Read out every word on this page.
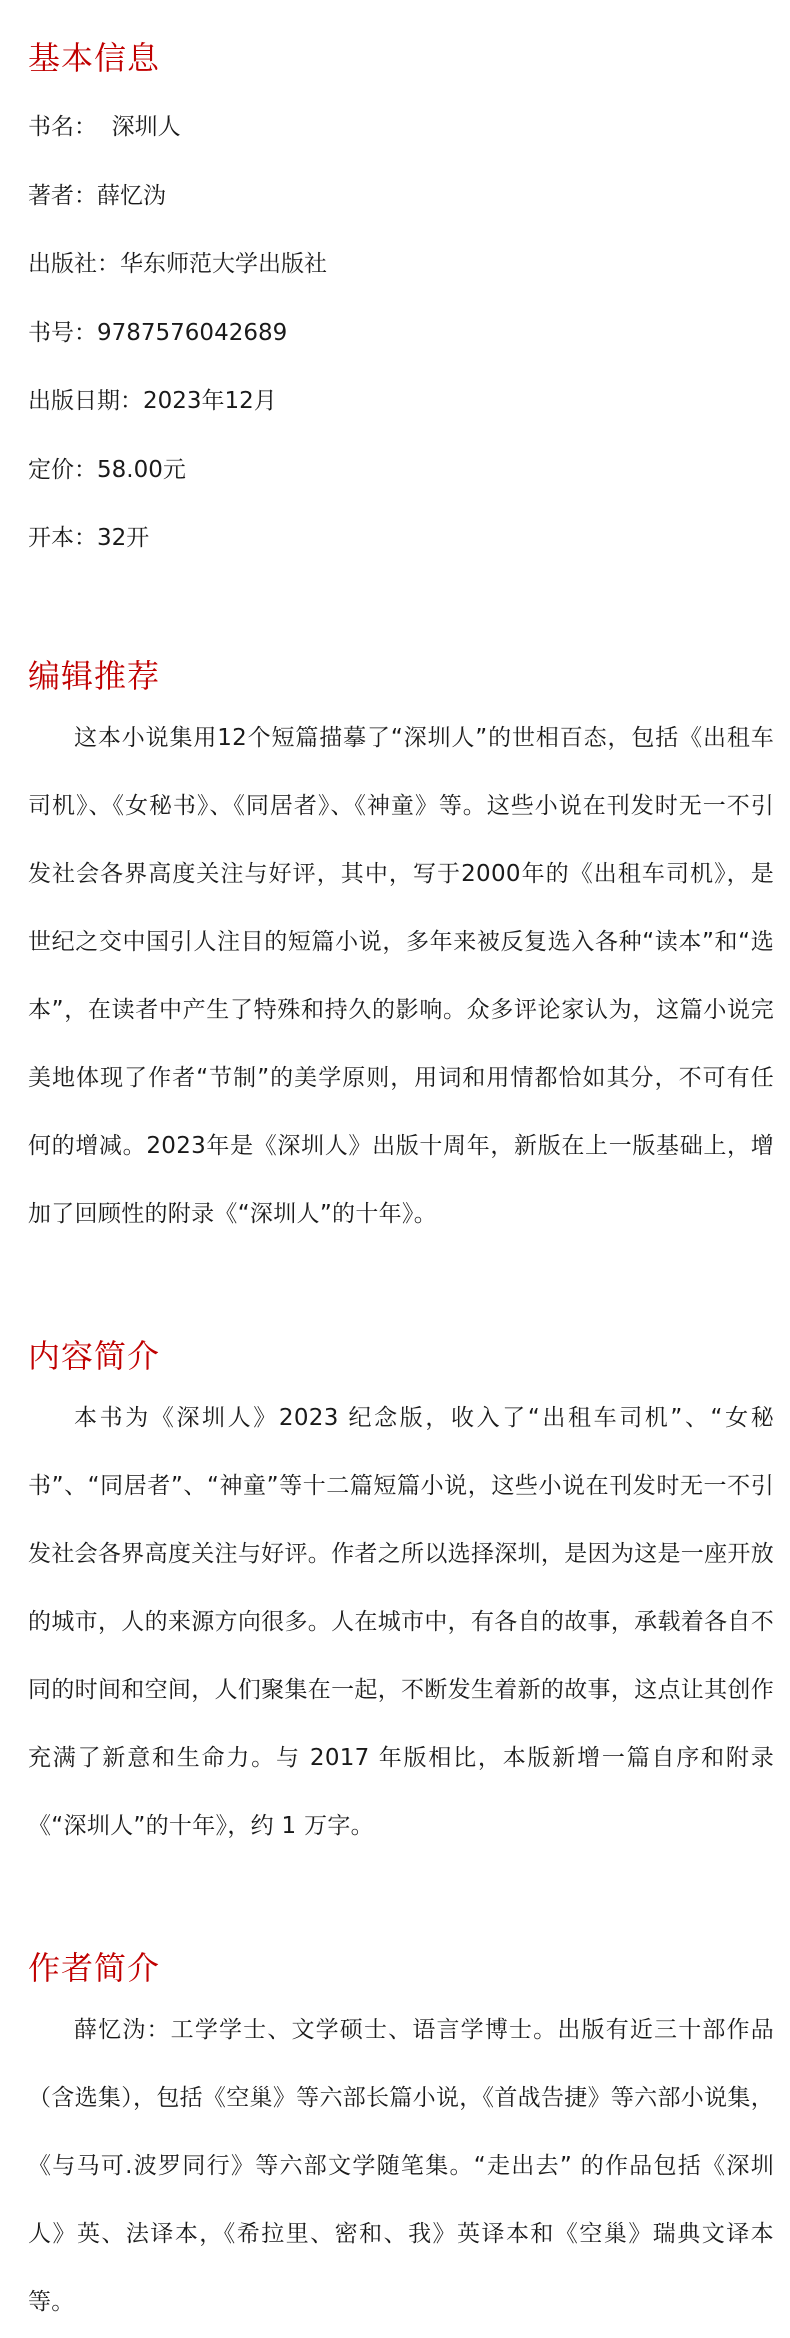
基本信息
书名：  深圳人
著者：薛忆沩
出版社：华东师范大学出版社
书号：9787576042689
出版日期：2023年12月
定价：58.00元
开本：32开
编辑推荐

这本小说集用12个短篇描摹了“深圳人”的世相百态，包括《出租车司机》、《女秘书》、《同居者》、《神童》等。这些小说在刊发时无一不引发社会各界高度关注与好评，其中，写于2000年的《出租车司机》，是世纪之交中国引人注目的短篇小说，多年来被反复选入各种“读本”和“选本”，在读者中产生了特殊和持久的影响。众多评论家认为，这篇小说完美地体现了作者“节制”的美学原则，用词和用情都恰如其分，不可有任何的增减。2023年是《深圳人》出版十周年，新版在上一版基础上，增加了回顾性的附录《“深圳人”的十年》。

内容简介

本书为《深圳人》2023 纪念版，收入了“出租车司机”、“女秘书”、“同居者”、“神童”等十二篇短篇小说，这些小说在刊发时无一不引发社会各界高度关注与好评。作者之所以选择深圳，是因为这是一座开放的城市，人的来源方向很多。人在城市中，有各自的故事，承载着各自不同的时间和空间，人们聚集在一起，不断发生着新的故事，这点让其创作充满了新意和生命力。与 2017 年版相比，本版新增一篇自序和附录《“深圳人”的十年》，约 1 万字。

作者简介

薛忆沩：工学学士、文学硕士、语言学博士。出版有近三十部作品（含选集），包括《空巢》等六部长篇小说，《首战告捷》等六部小说集，《与马可.波罗同行》等六部文学随笔集。“走出去” 的作品包括《深圳人》英、法译本，《希拉里、密和、我》英译本和《空巢》瑞典文译本等。
